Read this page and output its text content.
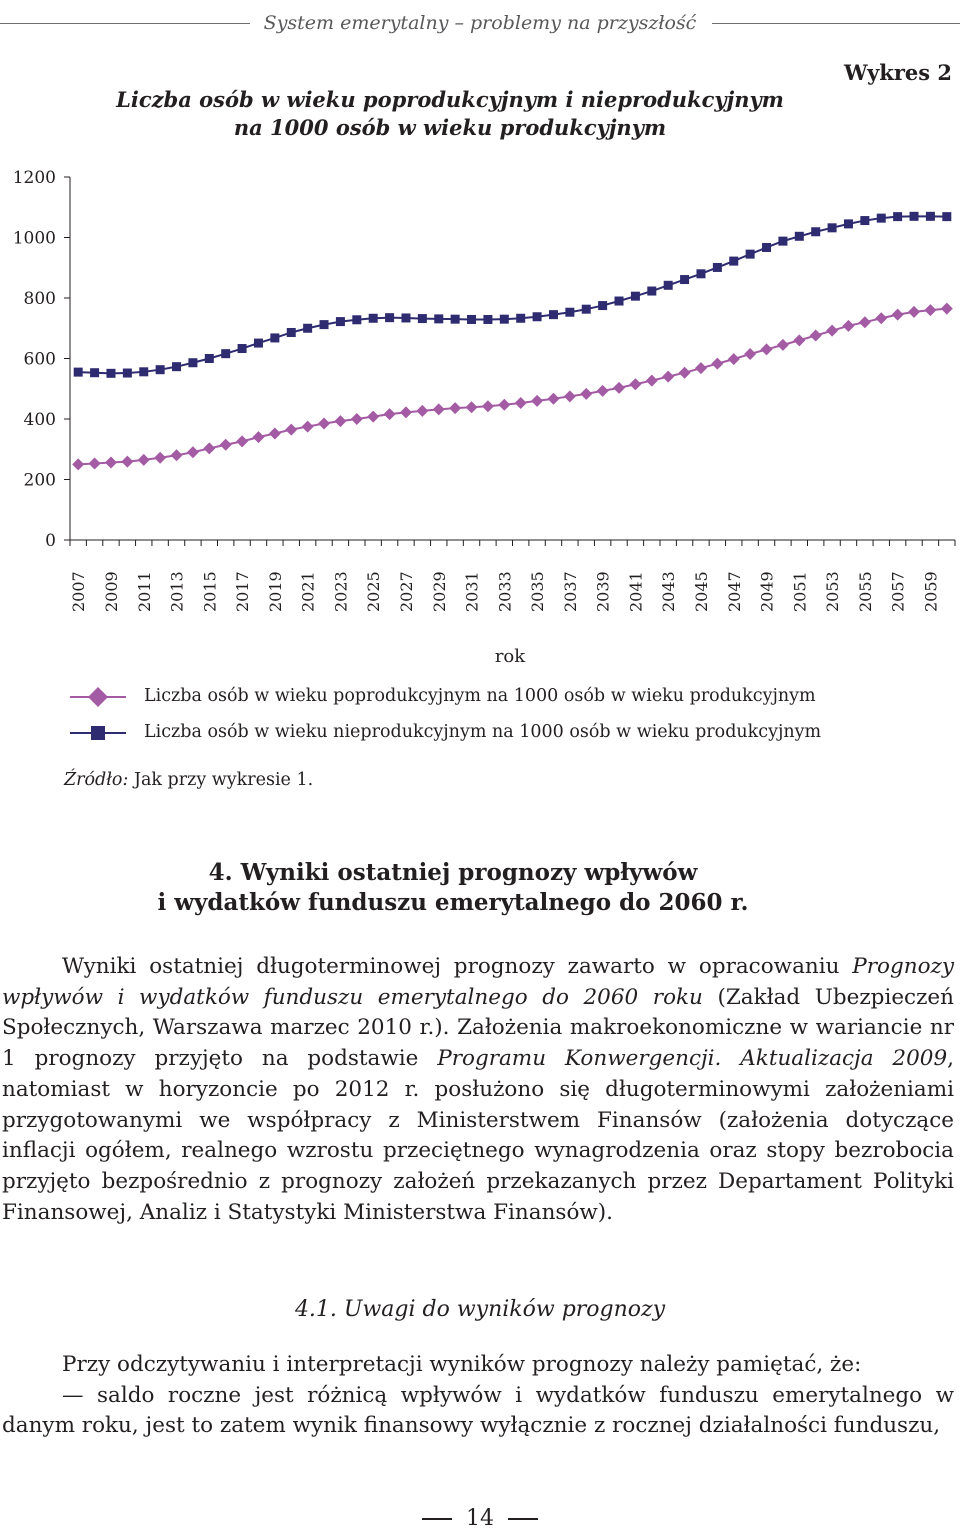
System emerytalny – problemy na przyszłość
Wykres 2
Liczba osób w wieku poprodukcyjnym i nieprodukcyjnym
na 1000 osób w wieku produkcyjnym
0
200
400
600
800
1000
1200
2007 2009 2011 2013 2015 2017 2019 2021 2023 2025 2027 2029 2031 2033 2035 2037 2039 2041 2043 2045 2047 2049 2051 2053 2055 2057 2059
rok
Liczba osób w wieku poprodukcyjnym na 1000 osób w wieku produkcyjnym
Liczba osób w wieku nieprodukcyjnym na 1000 osób w wieku produkcyjnym
Źródło: Jak przy wykresie 1.
4. Wyniki ostatniej prognozy wpływów
i wydatków funduszu emerytalnego do 2060 r.

Wyniki ostatniej długoterminowej prognozy zawarto w opracowaniu Prognozy wpływów i wydatków funduszu emerytalnego do 2060 roku (Zakład Ubezpieczeń Społecznych, Warszawa marzec 2010 r.). Założenia makroekonomiczne w wariancie nr 1 prognozy przyjęto na podstawie Programu Konwergencji. Aktualizacja 2009, natomiast w horyzoncie po 2012 r. posłużono się długoterminowymi założeniami przygotowanymi we współpracy z Ministerstwem Finansów (założenia dotyczące inflacji ogółem, realnego wzrostu przeciętnego wynagrodzenia oraz stopy bezrobocia przyjęto bezpośrednio z prognozy założeń przekazanych przez Departament Polityki Finansowej, Analiz i Statystyki Ministerstwa Finansów).

4.1. Uwagi do wyników prognozy

Przy odczytywaniu i interpretacji wyników prognozy należy pamiętać, że:

— saldo roczne jest różnicą wpływów i wydatków funduszu emerytalnego w danym roku, jest to zatem wynik finansowy wyłącznie z rocznej działalności funduszu,

14
